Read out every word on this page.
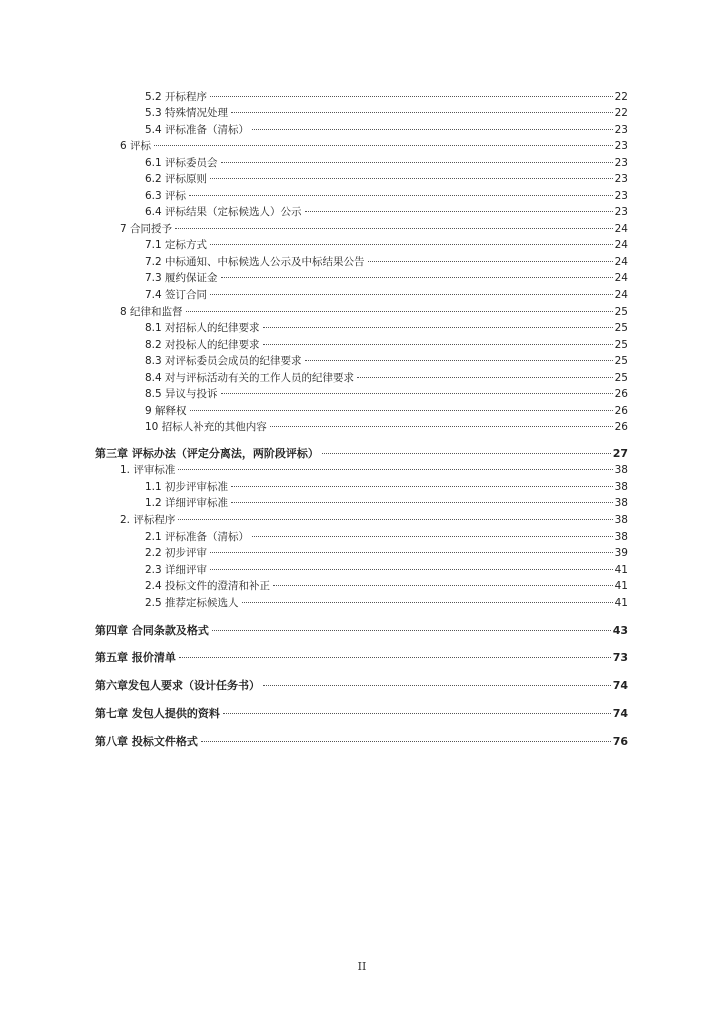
5.2 开标程序	22
5.3 特殊情况处理	22
5.4 评标准备（清标）	23
6 评标	23
6.1 评标委员会	23
6.2 评标原则	23
6.3 评标	23
6.4 评标结果（定标候选人）公示	23
7 合同授予	24
7.1 定标方式	24
7.2 中标通知、中标候选人公示及中标结果公告	24
7.3 履约保证金	24
7.4 签订合同	24
8 纪律和监督	25
8.1 对招标人的纪律要求	25
8.2 对投标人的纪律要求	25
8.3 对评标委员会成员的纪律要求	25
8.4 对与评标活动有关的工作人员的纪律要求	25
8.5 异议与投诉	26
9 解释权	26
10 招标人补充的其他内容	26
第三章 评标办法（评定分离法，两阶段评标）	27
1. 评审标准	38
1.1 初步评审标准	38
1.2 详细评审标准	38
2. 评标程序	38
2.1 评标准备（清标）	38
2.2 初步评审	39
2.3 详细评审	41
2.4 投标文件的澄清和补正	41
2.5 推荐定标候选人	41
第四章 合同条款及格式	43
第五章 报价清单	73
第六章发包人要求（设计任务书）	74
第七章 发包人提供的资料	74
第八章 投标文件格式	76
II
